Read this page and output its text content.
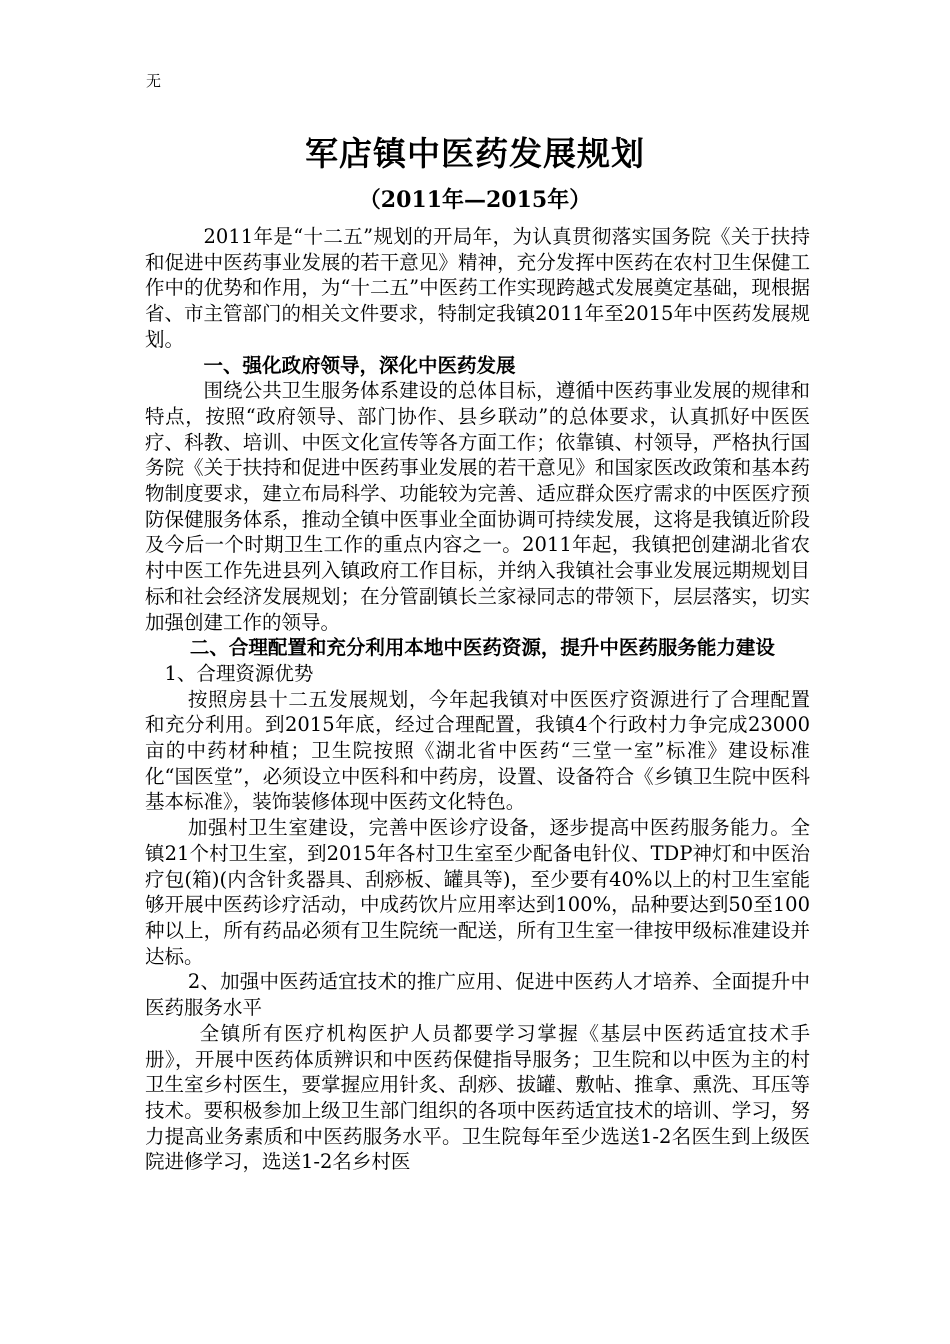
无
军店镇中医药发展规划
（2011年—2015年）

2011年是“十二五”规划的开局年，为认真贯彻落实国务院《关于扶持和促进中医药事业发展的若干意见》精神，充分发挥中医药在农村卫生保健工作中的优势和作用，为“十二五”中医药工作实现跨越式发展奠定基础，现根据省、市主管部门的相关文件要求，特制定我镇2011年至2015年中医药发展规划。

一、强化政府领导，深化中医药发展

围绕公共卫生服务体系建设的总体目标，遵循中医药事业发展的规律和特点，按照“政府领导、部门协作、县乡联动”的总体要求，认真抓好中医医疗、科教、培训、中医文化宣传等各方面工作；依靠镇、村领导，严格执行国务院《关于扶持和促进中医药事业发展的若干意见》和国家医改政策和基本药物制度要求，建立布局科学、功能较为完善、适应群众医疗需求的中医医疗预防保健服务体系，推动全镇中医事业全面协调可持续发展，这将是我镇近阶段及今后一个时期卫生工作的重点内容之一。2011年起，我镇把创建湖北省农村中医工作先进县列入镇政府工作目标，并纳入我镇社会事业发展远期规划目标和社会经济发展规划；在分管副镇长兰家禄同志的带领下，层层落实，切实加强创建工作的领导。

二、合理配置和充分利用本地中医药资源，提升中医药服务能力建设

1、合理资源优势

按照房县十二五发展规划，今年起我镇对中医医疗资源进行了合理配置和充分利用。到2015年底，经过合理配置，我镇4个行政村力争完成23000亩的中药材种植；卫生院按照《湖北省中医药“三堂一室”标准》建设标准化“国医堂”，必须设立中医科和中药房，设置、设备符合《乡镇卫生院中医科基本标准》，装饰装修体现中医药文化特色。

加强村卫生室建设，完善中医诊疗设备，逐步提高中医药服务能力。全镇21个村卫生室，到2015年各村卫生室至少配备电针仪、TDP神灯和中医治疗包(箱)(内含针炙器具、刮痧板、罐具等)，至少要有40%以上的村卫生室能够开展中医药诊疗活动，中成药饮片应用率达到100%，品种要达到50至100种以上，所有药品必须有卫生院统一配送，所有卫生室一律按甲级标准建设并达标。

2、加强中医药适宜技术的推广应用、促进中医药人才培养、全面提升中医药服务水平

全镇所有医疗机构医护人员都要学习掌握《基层中医药适宜技术手册》，开展中医药体质辨识和中医药保健指导服务；卫生院和以中医为主的村卫生室乡村医生，要掌握应用针炙、刮痧、拔罐、敷帖、推拿、熏洗、耳压等技术。要积极参加上级卫生部门组织的各项中医药适宜技术的培训、学习，努力提高业务素质和中医药服务水平。卫生院每年至少选送1-2名医生到上级医院进修学习，选送1-2名乡村医
